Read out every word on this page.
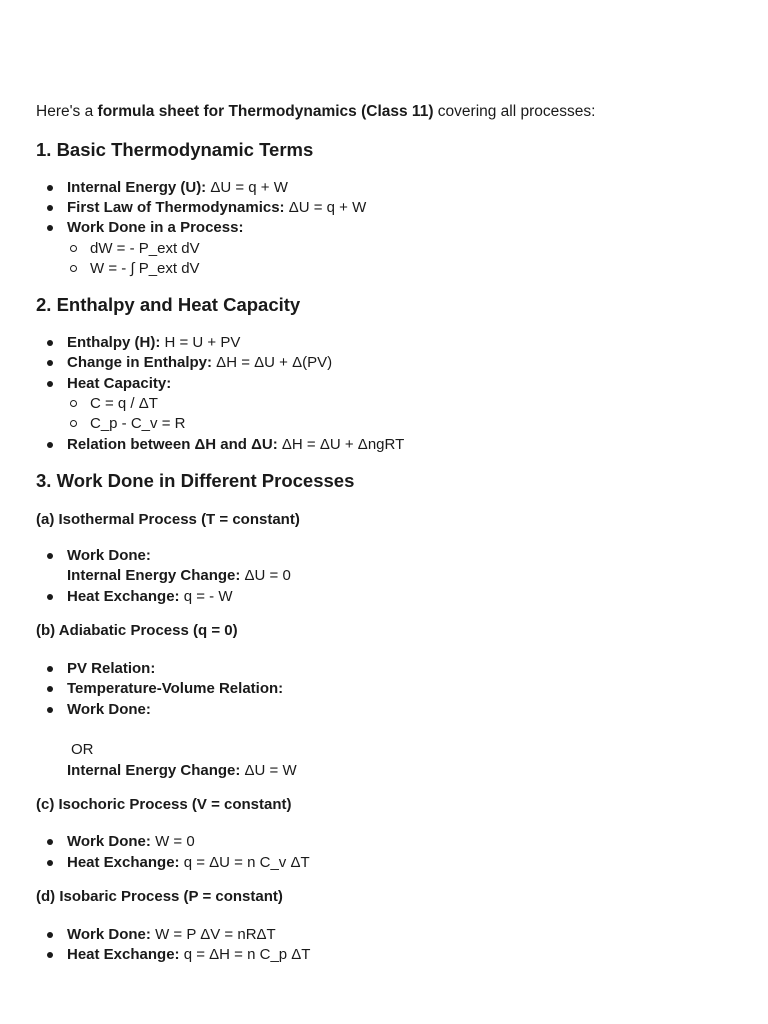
Here's a formula sheet for Thermodynamics (Class 11) covering all processes:
1. Basic Thermodynamic Terms
Internal Energy (U): ΔU = q + W
First Law of Thermodynamics: ΔU = q + W
Work Done in a Process:
dW = - P_ext dV
W = - ∫ P_ext dV
2. Enthalpy and Heat Capacity
Enthalpy (H): H = U + PV
Change in Enthalpy: ΔH = ΔU + Δ(PV)
Heat Capacity:
C = q / ΔT
C_p - C_v = R
Relation between ΔH and ΔU: ΔH = ΔU + ΔngRT
3. Work Done in Different Processes
(a) Isothermal Process (T = constant)
Work Done:
Internal Energy Change: ΔU = 0
Heat Exchange: q = - W
(b) Adiabatic Process (q = 0)
PV Relation:
Temperature-Volume Relation:
Work Done:
OR
Internal Energy Change: ΔU = W
(c) Isochoric Process (V = constant)
Work Done: W = 0
Heat Exchange: q = ΔU = n C_v ΔT
(d) Isobaric Process (P = constant)
Work Done: W = P ΔV = nRΔT
Heat Exchange: q = ΔH = n C_p ΔT
